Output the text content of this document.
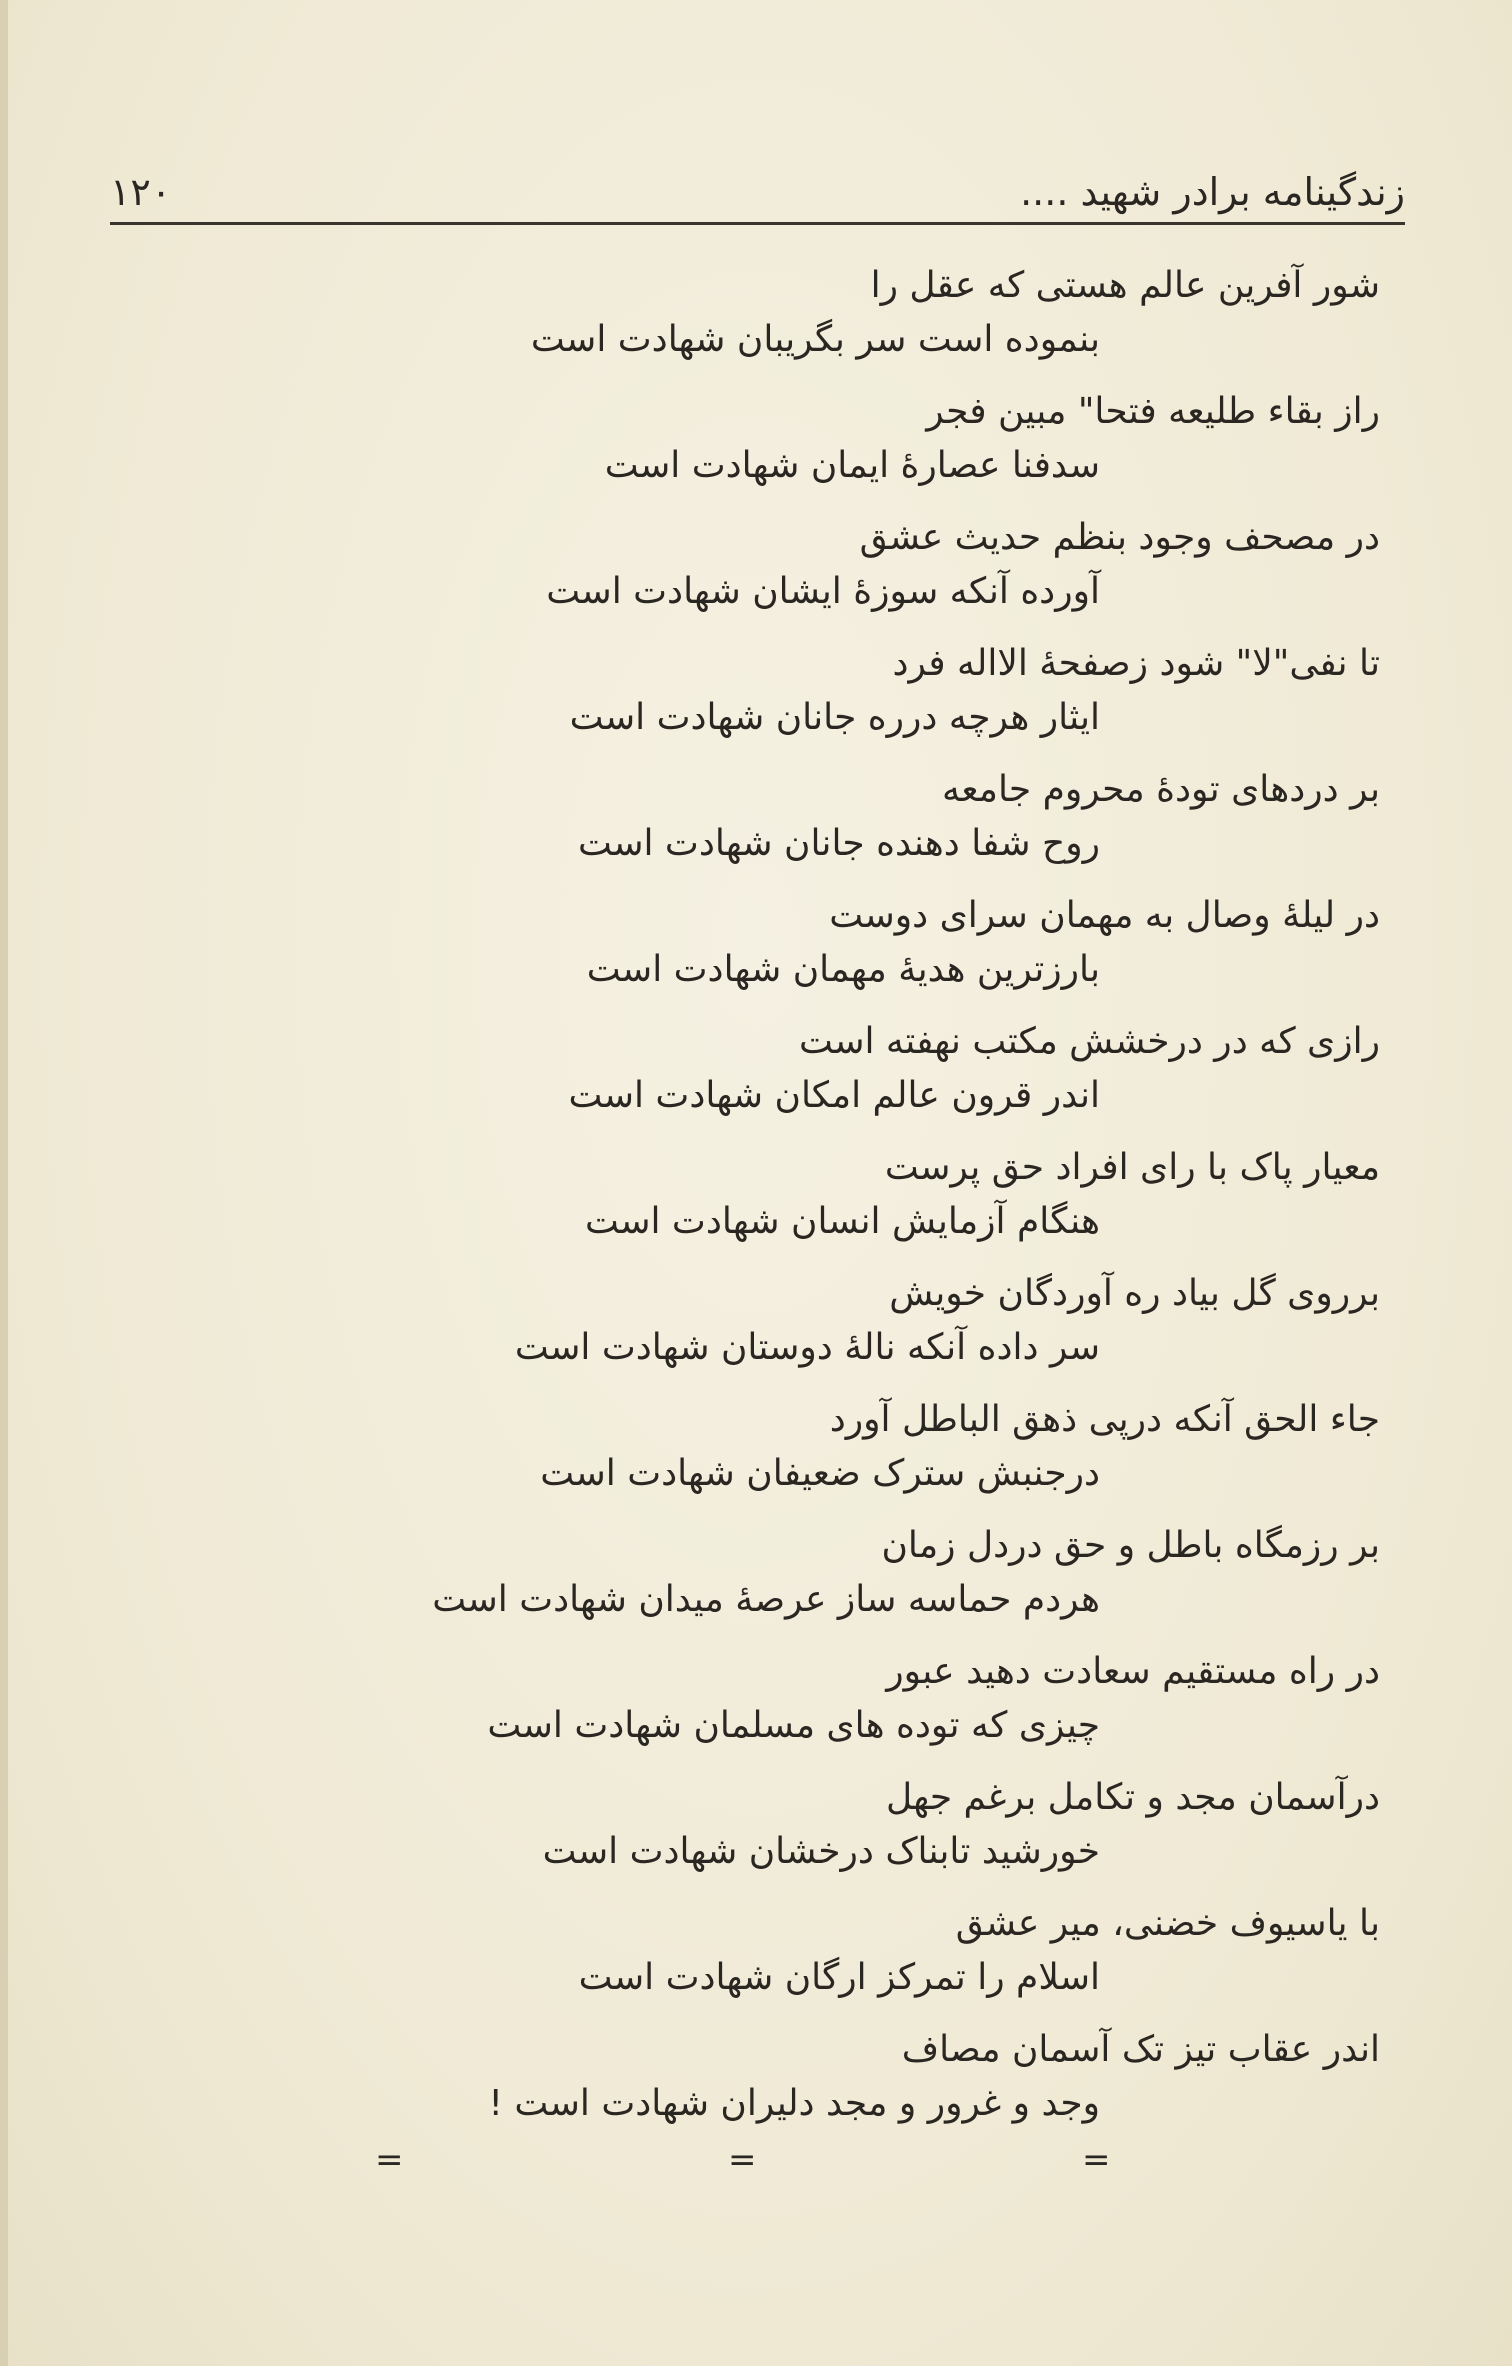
زندگینامه برادر شهید ....
۱۲۰
شور آفرین عالم هستی که عقل را
بنموده است سر بگریبان شهادت است
راز بقاء طلیعه فتحا" مبین فجر
سدفنا عصارهٔ ایمان شهادت است
در مصحف وجود بنظم حدیث عشق
آورده آنکه سوزهٔ ایشان شهادت است
تا نفی"لا" شود زصفحهٔ الااله فرد
ایثار هرچه درره جانان شهادت است
بر دردهای تودهٔ محروم جامعه
روح شفا دهنده جانان شهادت است
در لیلهٔ وصال به مهمان سرای دوست
بارزترین هدیهٔ مهمان شهادت است
رازی که در درخشش مکتب نهفته است
اندر قرون عالم امکان شهادت است
معیار پاک با رای افراد حق پرست
هنگام آزمایش انسان شهادت است
برروی گل بیاد ره آوردگان خویش
سر داده آنکه نالهٔ دوستان شهادت است
جاء الحق آنکه درپی ذهق الباطل آورد
درجنبش سترک ضعیفان شهادت است
بر رزمگاه باطل و حق دردل زمان
هردم حماسه ساز عرصهٔ میدان شهادت است
در راه مستقیم سعادت دهید عبور
چیزی که توده های مسلمان شهادت است
درآسمان مجد و تکامل برغم جهل
خورشید تابناک درخشان شهادت است
با یاسیوف خضنی، میر عشق
اسلام را تمرکز ارگان شهادت است
اندر عقاب تیز تک آسمان مصاف
وجد و غرور و مجد دلیران شهادت است !
=	=	=
